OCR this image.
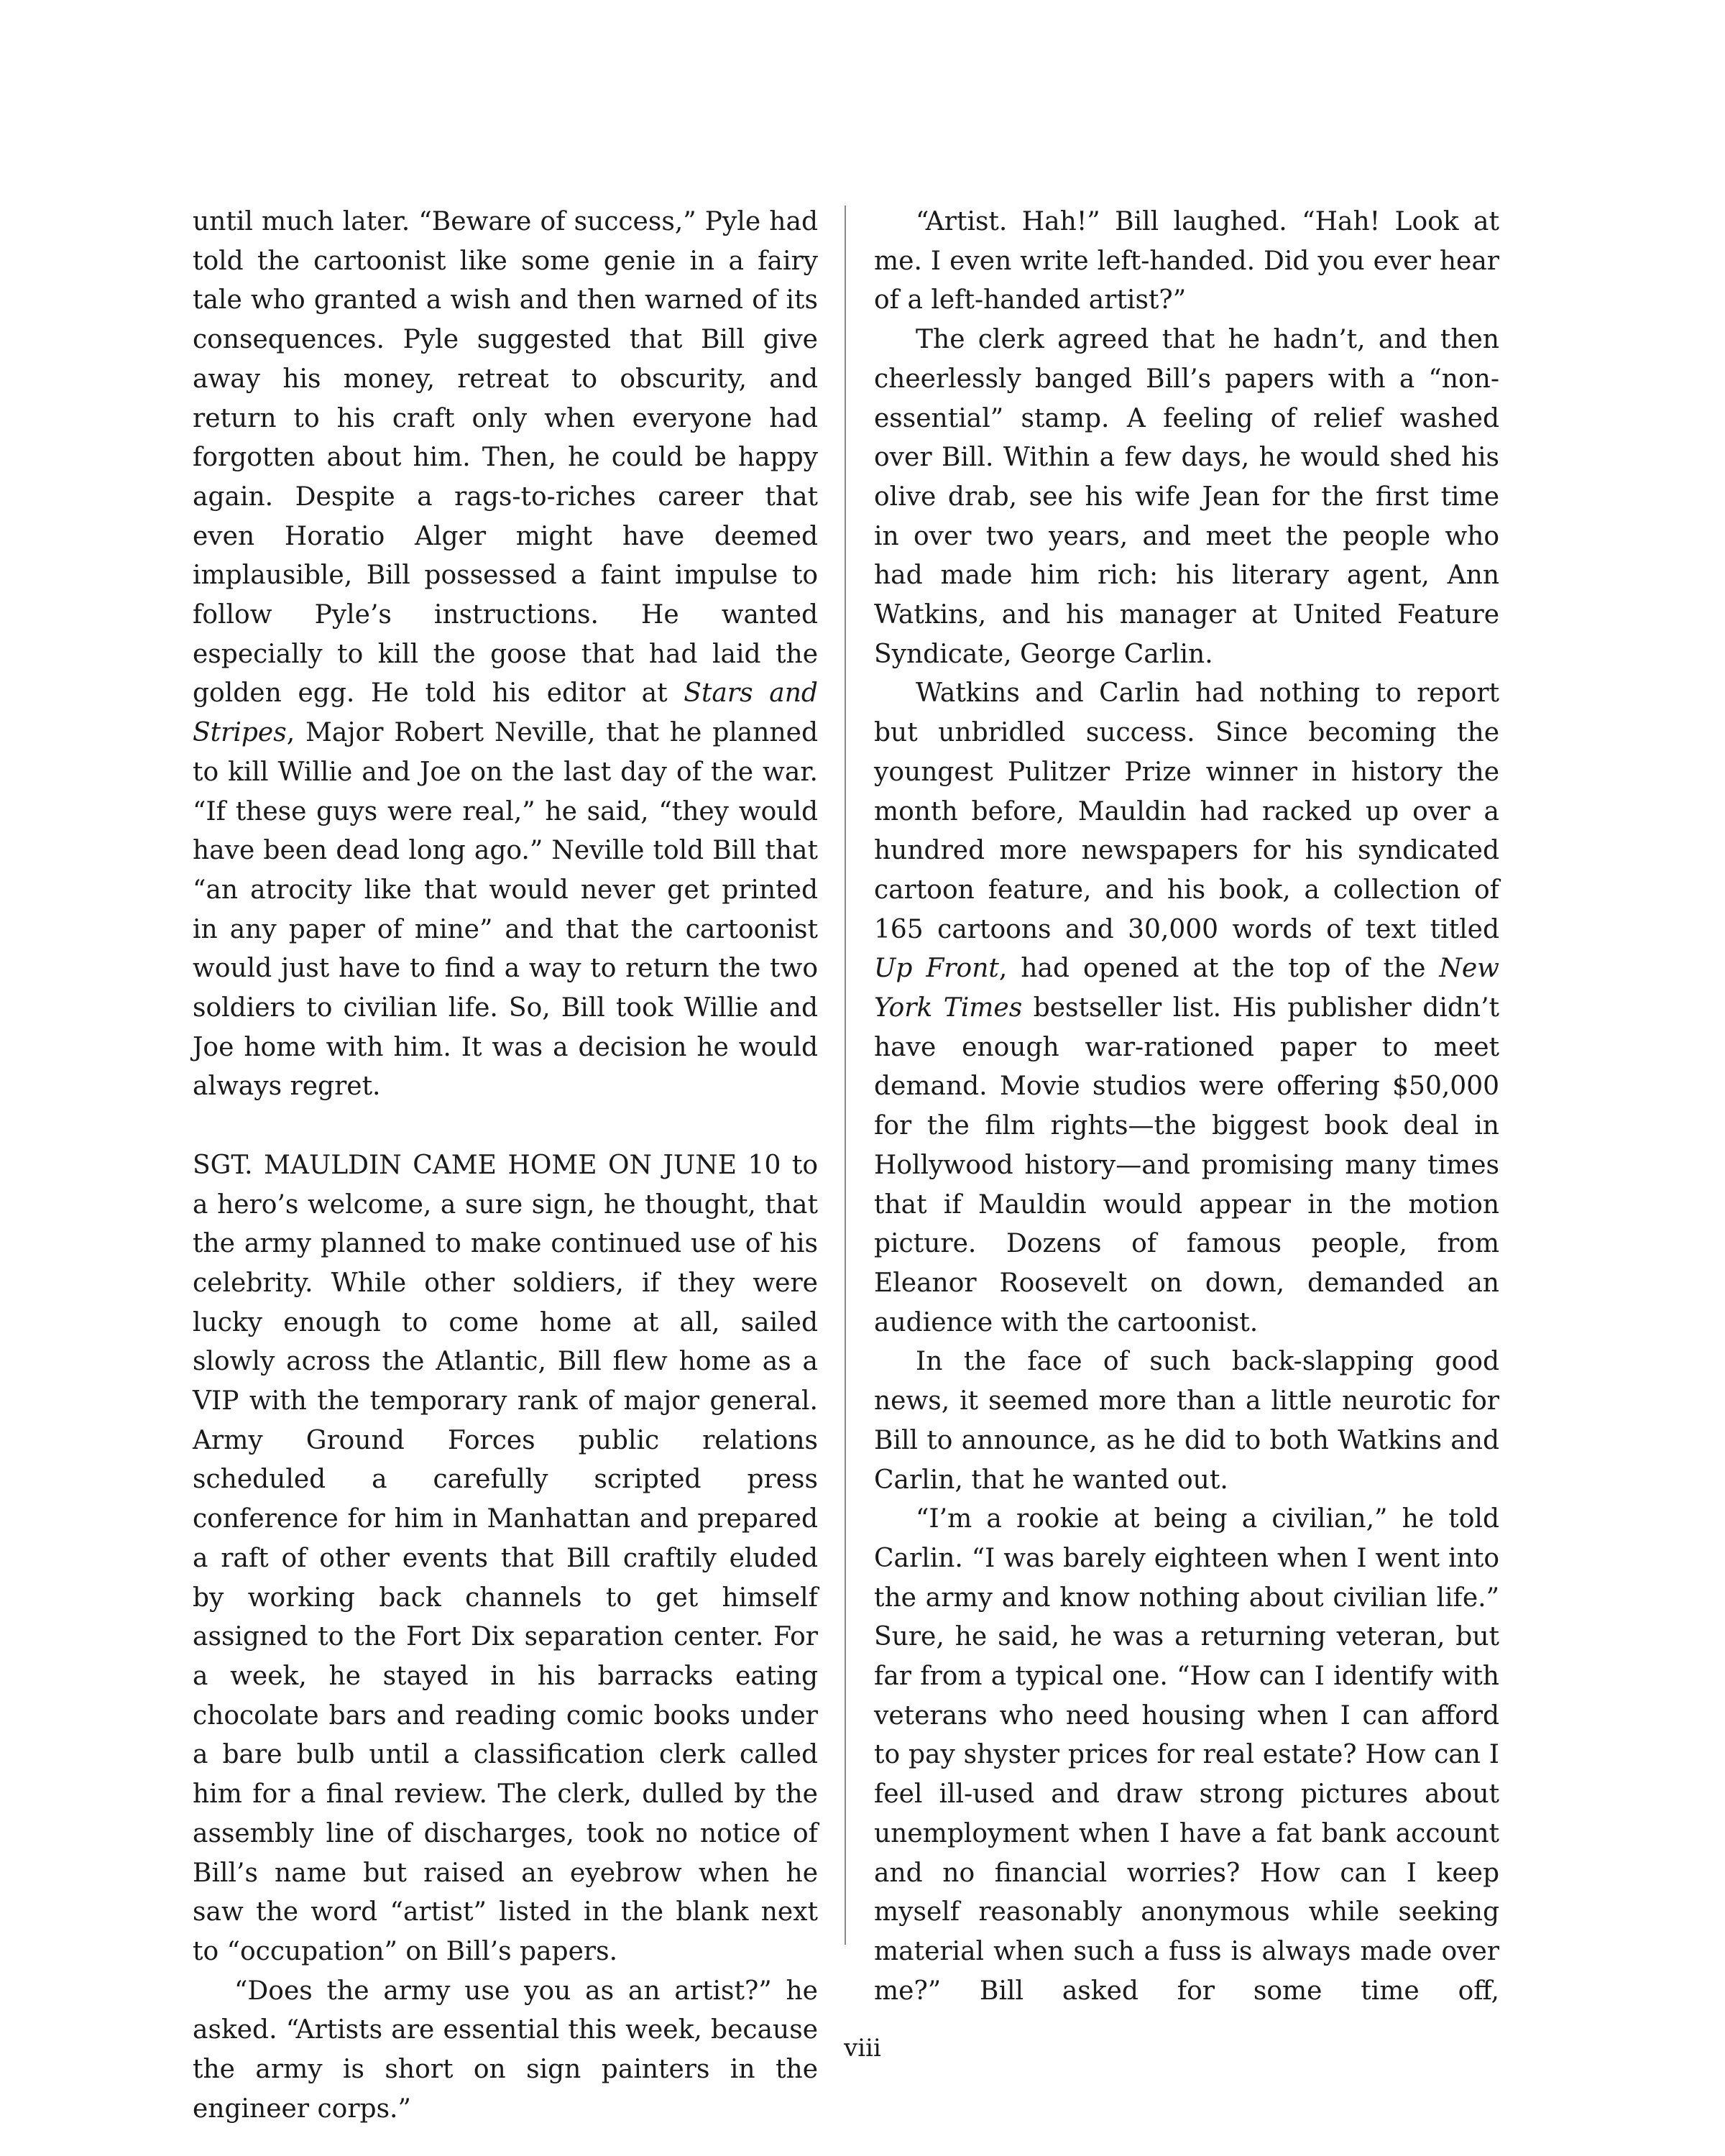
until much later. “Beware of success,” Pyle had told the cartoonist like some genie in a fairy tale who granted a wish and then warned of its consequences. Pyle suggested that Bill give away his money, retreat to obscurity, and return to his craft only when everyone had forgotten about him. Then, he could be happy again. Despite a rags-to-riches career that even Horatio Alger might have deemed implausible, Bill possessed a faint impulse to follow Pyle’s instructions. He wanted especially to kill the goose that had laid the golden egg. He told his editor at Stars and Stripes, Major Robert Neville, that he planned to kill Willie and Joe on the last day of the war. “If these guys were real,” he said, “they would have been dead long ago.” Neville told Bill that “an atrocity like that would never get printed in any paper of mine” and that the cartoonist would just have to find a way to return the two soldiers to civilian life. So, Bill took Willie and Joe home with him. It was a decision he would always regret.

SGT. MAULDIN CAME HOME ON JUNE 10 to a hero’s welcome, a sure sign, he thought, that the army planned to make continued use of his celebrity. While other soldiers, if they were lucky enough to come home at all, sailed slowly across the Atlantic, Bill flew home as a VIP with the temporary rank of major general. Army Ground Forces public relations scheduled a carefully scripted press conference for him in Manhattan and prepared a raft of other events that Bill craftily eluded by working back channels to get himself assigned to the Fort Dix separation center. For a week, he stayed in his barracks eating chocolate bars and reading comic books under a bare bulb until a classification clerk called him for a final review. The clerk, dulled by the assembly line of discharges, took no notice of Bill’s name but raised an eyebrow when he saw the word “artist” listed in the blank next to “occupation” on Bill’s papers.

“Does the army use you as an artist?” he asked. “Artists are essential this week, because the army is short on sign painters in the engineer corps.”

“Artist. Hah!” Bill laughed. “Hah! Look at me. I even write left-handed. Did you ever hear of a left-handed artist?”

The clerk agreed that he hadn’t, and then cheerlessly banged Bill’s papers with a “non-essential” stamp. A feeling of relief washed over Bill. Within a few days, he would shed his olive drab, see his wife Jean for the first time in over two years, and meet the people who had made him rich: his literary agent, Ann Watkins, and his manager at United Feature Syndicate, George Carlin.

Watkins and Carlin had nothing to report but unbridled success. Since becoming the youngest Pulitzer Prize winner in history the month before, Mauldin had racked up over a hundred more newspapers for his syndicated cartoon feature, and his book, a collection of 165 cartoons and 30,000 words of text titled Up Front, had opened at the top of the New York Times bestseller list. His publisher didn’t have enough war-rationed paper to meet demand. Movie studios were offering $50,000 for the film rights—the biggest book deal in Hollywood history—and promising many times that if Mauldin would appear in the motion picture. Dozens of famous people, from Eleanor Roosevelt on down, demanded an audience with the cartoonist.

In the face of such back-slapping good news, it seemed more than a little neurotic for Bill to announce, as he did to both Watkins and Carlin, that he wanted out.

“I’m a rookie at being a civilian,” he told Carlin. “I was barely eighteen when I went into the army and know nothing about civilian life.” Sure, he said, he was a returning veteran, but far from a typical one. “How can I identify with veterans who need housing when I can afford to pay shyster prices for real estate? How can I feel ill-used and draw strong pictures about unemployment when I have a fat bank account and no financial worries? How can I keep myself reasonably anonymous while seeking material when such a fuss is always made over me?” Bill asked for some time off,

viii
